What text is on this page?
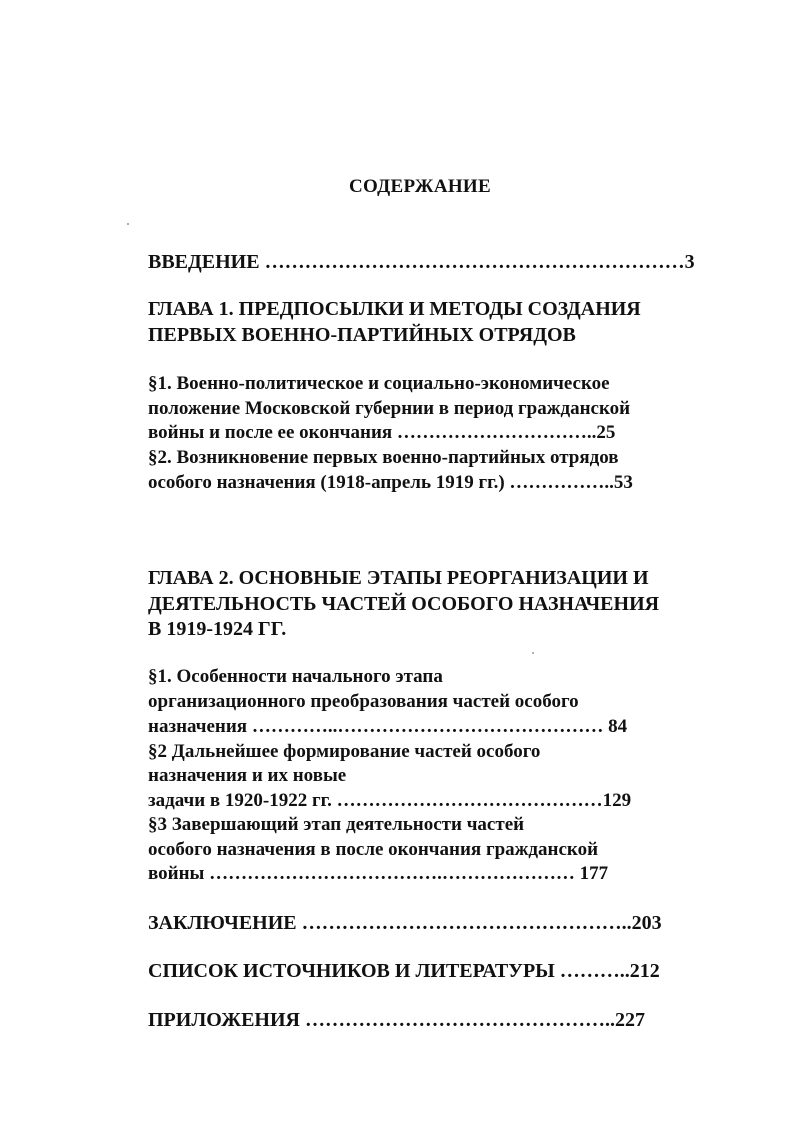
СОДЕРЖАНИЕ
ВВЕДЕНИЕ ………………………………………………………3
ГЛАВА 1. ПРЕДПОСЫЛКИ И МЕТОДЫ СОЗДАНИЯ
ПЕРВЫХ ВОЕННО-ПАРТИЙНЫХ ОТРЯДОВ
§1. Военно-политическое и социально-экономическое
положение Московской губернии в период гражданской
войны и после ее окончания …………………………..25
§2. Возникновение первых военно-партийных отрядов
особого назначения (1918-апрель 1919 гг.) ……………..53
ГЛАВА 2. ОСНОВНЫЕ ЭТАПЫ РЕОРГАНИЗАЦИИ И
ДЕЯТЕЛЬНОСТЬ ЧАСТЕЙ ОСОБОГО НАЗНАЧЕНИЯ
В 1919-1924 ГГ.
§1. Особенности начального этапа
организационного преобразования частей особого
назначения …………..…………………………………… 84
§2 Дальнейшее формирование частей особого
назначения и их новые
задачи в 1920-1922 гг. ……………………………………129
§3 Завершающий этап деятельности частей
особого назначения в после окончания гражданской
войны ……………………………….………………… 177
ЗАКЛЮЧЕНИЕ …………………………………………..203
СПИСОК ИСТОЧНИКОВ И ЛИТЕРАТУРЫ ………..212
ПРИЛОЖЕНИЯ ………………………………………..227
